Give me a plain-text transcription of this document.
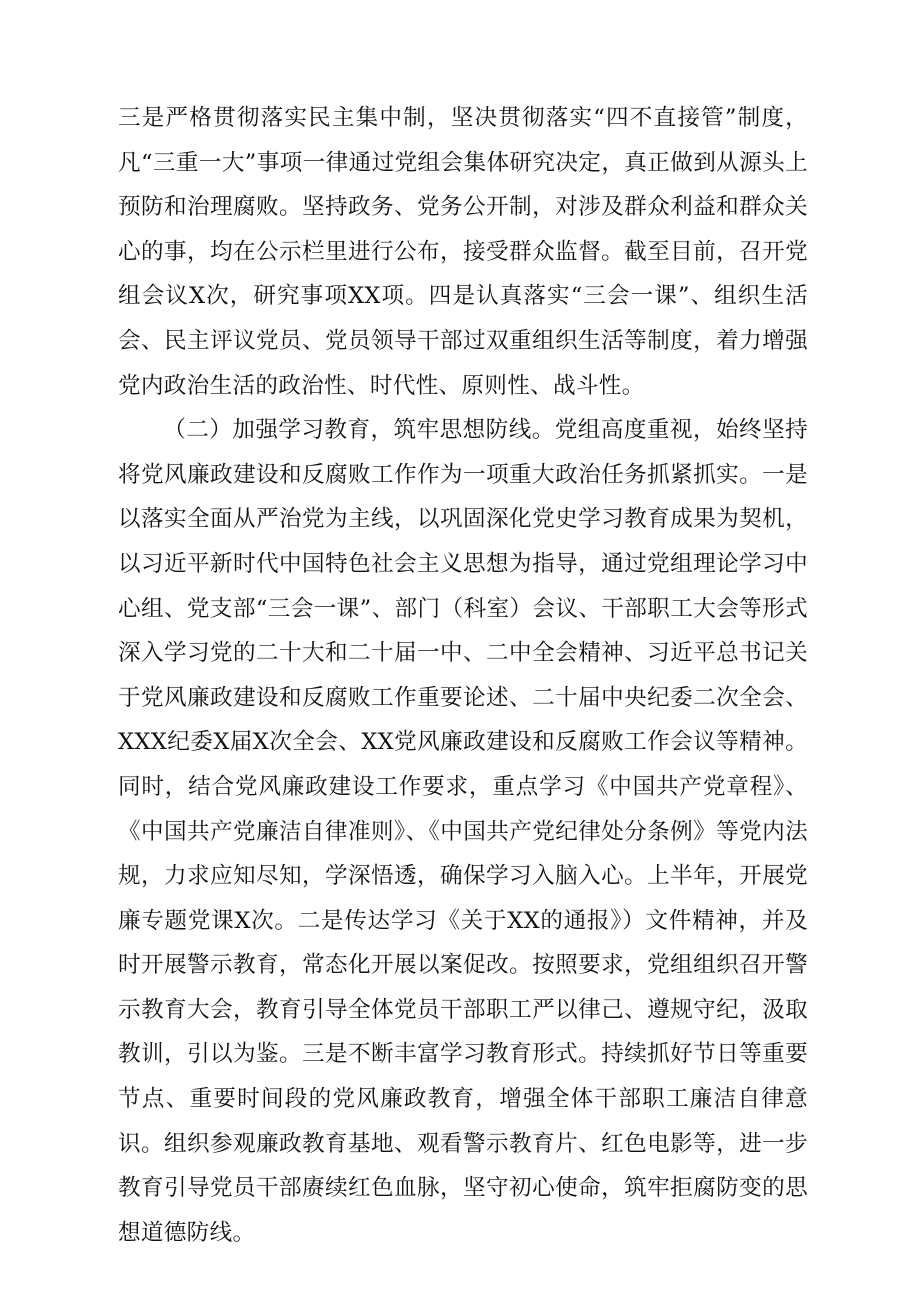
三是严格贯彻落实民主集中制，坚决贯彻落实“四不直接管”制度，凡“三重一大”事项一律通过党组会集体研究决定，真正做到从源头上预防和治理腐败。坚持政务、党务公开制，对涉及群众利益和群众关心的事，均在公示栏里进行公布，接受群众监督。截至目前，召开党组会议X次，研究事项XX项。四是认真落实“三会一课”、组织生活会、民主评议党员、党员领导干部过双重组织生活等制度，着力增强党内政治生活的政治性、时代性、原则性、战斗性。

（二）加强学习教育，筑牢思想防线。党组高度重视，始终坚持将党风廉政建设和反腐败工作作为一项重大政治任务抓紧抓实。一是以落实全面从严治党为主线，以巩固深化党史学习教育成果为契机，以习近平新时代中国特色社会主义思想为指导，通过党组理论学习中心组、党支部“三会一课”、部门（科室）会议、干部职工大会等形式深入学习党的二十大和二十届一中、二中全会精神、习近平总书记关于党风廉政建设和反腐败工作重要论述、二十届中央纪委二次全会、XXX纪委X届X次全会、XX党风廉政建设和反腐败工作会议等精神。同时，结合党风廉政建设工作要求，重点学习《中国共产党章程》、《中国共产党廉洁自律准则》、《中国共产党纪律处分条例》等党内法规，力求应知尽知，学深悟透，确保学习入脑入心。上半年，开展党廉专题党课X次。二是传达学习《关于XX的通报》）文件精神，并及时开展警示教育，常态化开展以案促改。按照要求，党组组织召开警示教育大会，教育引导全体党员干部职工严以律己、遵规守纪，汲取教训，引以为鉴。三是不断丰富学习教育形式。持续抓好节日等重要节点、重要时间段的党风廉政教育，增强全体干部职工廉洁自律意识。组织参观廉政教育基地、观看警示教育片、红色电影等，进一步教育引导党员干部赓续红色血脉，坚守初心使命，筑牢拒腐防变的思想道德防线。
